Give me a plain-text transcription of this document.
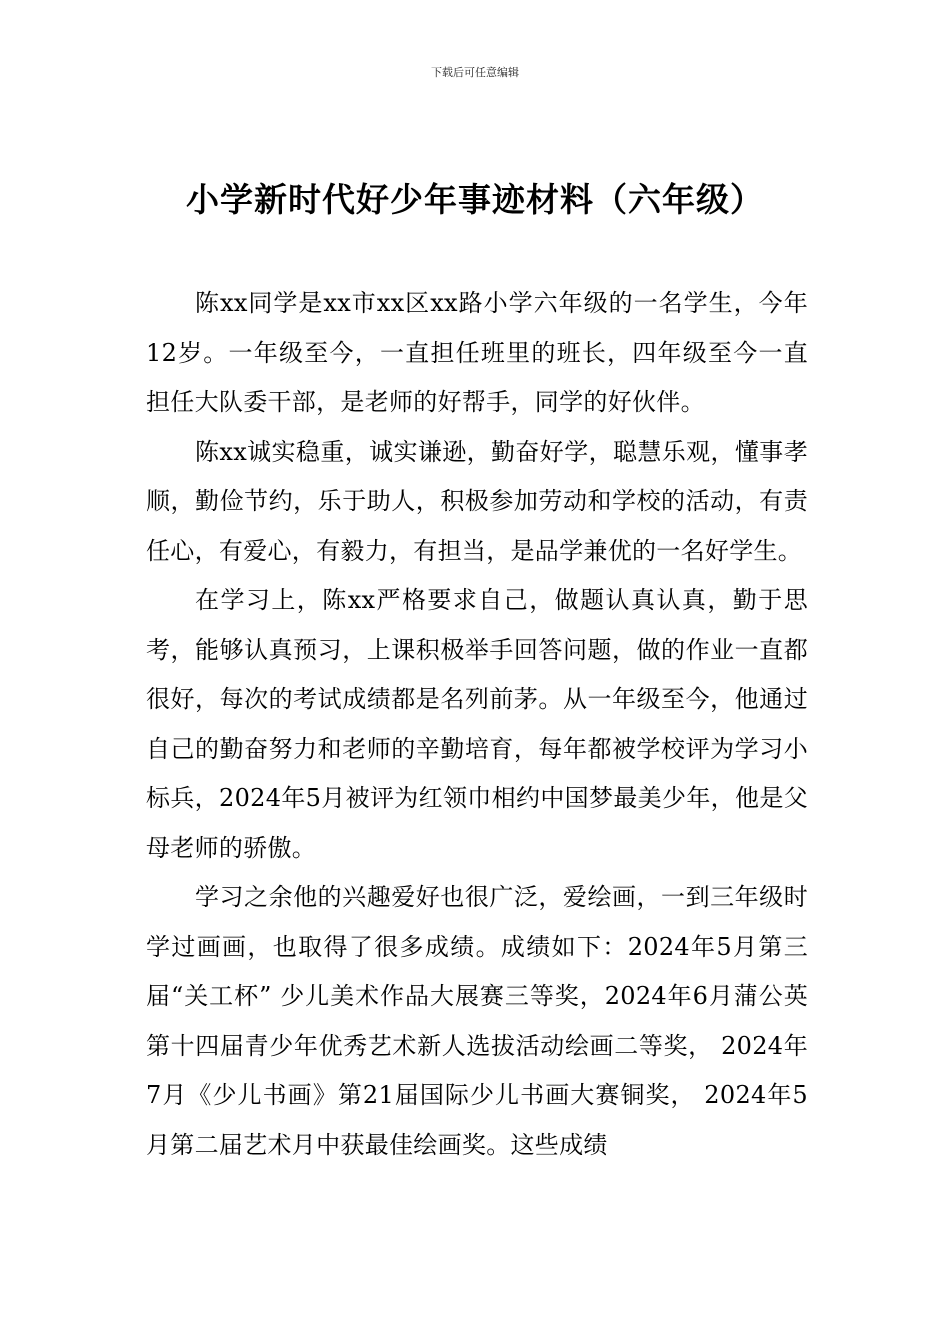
下载后可任意编辑
小学新时代好少年事迹材料（六年级）

陈xx同学是xx市xx区xx路小学六年级的一名学生，今年12岁。一年级至今，一直担任班里的班长，四年级至今一直担任大队委干部，是老师的好帮手，同学的好伙伴。

陈xx诚实稳重，诚实谦逊，勤奋好学，聪慧乐观，懂事孝顺，勤俭节约，乐于助人，积极参加劳动和学校的活动，有责任心，有爱心，有毅力，有担当，是品学兼优的一名好学生。

在学习上，陈xx严格要求自己，做题认真认真，勤于思考，能够认真预习，上课积极举手回答问题，做的作业一直都很好，每次的考试成绩都是名列前茅。从一年级至今，他通过自己的勤奋努力和老师的辛勤培育，每年都被学校评为学习小标兵，2024年5月被评为红领巾相约中国梦最美少年，他是父母老师的骄傲。

学习之余他的兴趣爱好也很广泛，爱绘画，一到三年级时学过画画，也取得了很多成绩。成绩如下：2024年5月第三届“关工杯” 少儿美术作品大展赛三等奖，2024年6月蒲公英第十四届青少年优秀艺术新人选拔活动绘画二等奖， 2024年7月《少儿书画》第21届国际少儿书画大赛铜奖， 2024年5月第二届艺术月中获最佳绘画奖。这些成绩
